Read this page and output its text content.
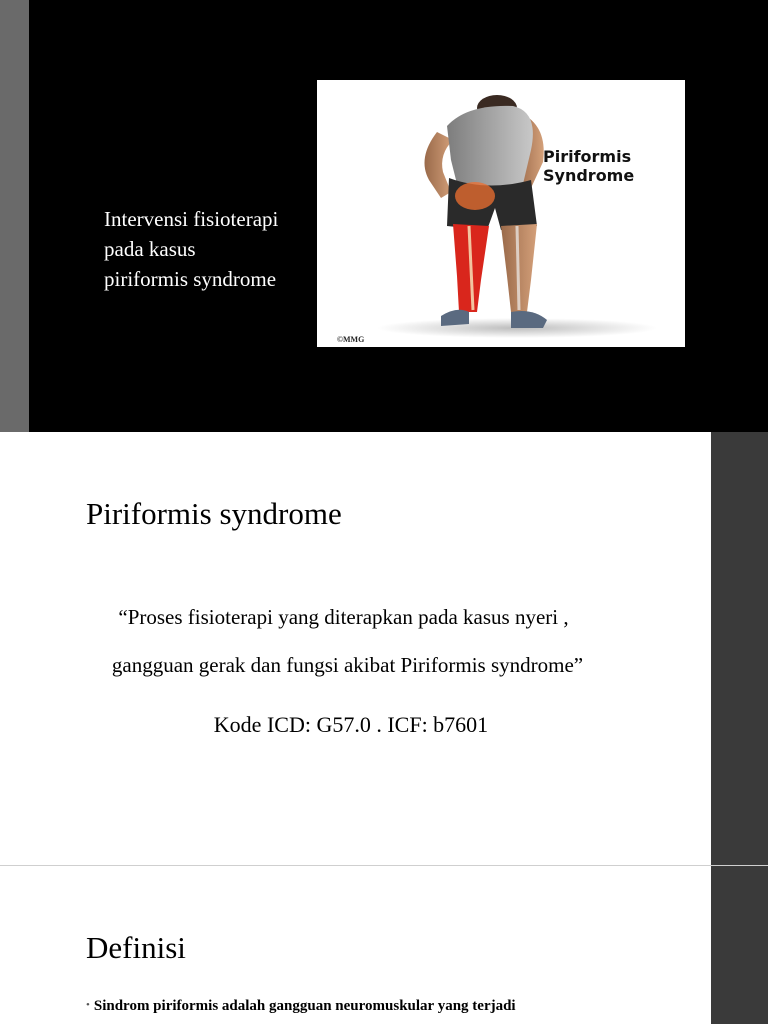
Intervensi fisioterapi
pada kasus
piriformis syndrome
Piriformis
Syndrome
©MMG
Piriformis syndrome
“Proses fisioterapi yang diterapkan pada kasus nyeri ,
gangguan gerak dan fungsi akibat Piriformis syndrome”
Kode ICD: G57.0 . ICF: b7601
Definisi
• Sindrom piriformis adalah gangguan neuromuskular yang terjadi
